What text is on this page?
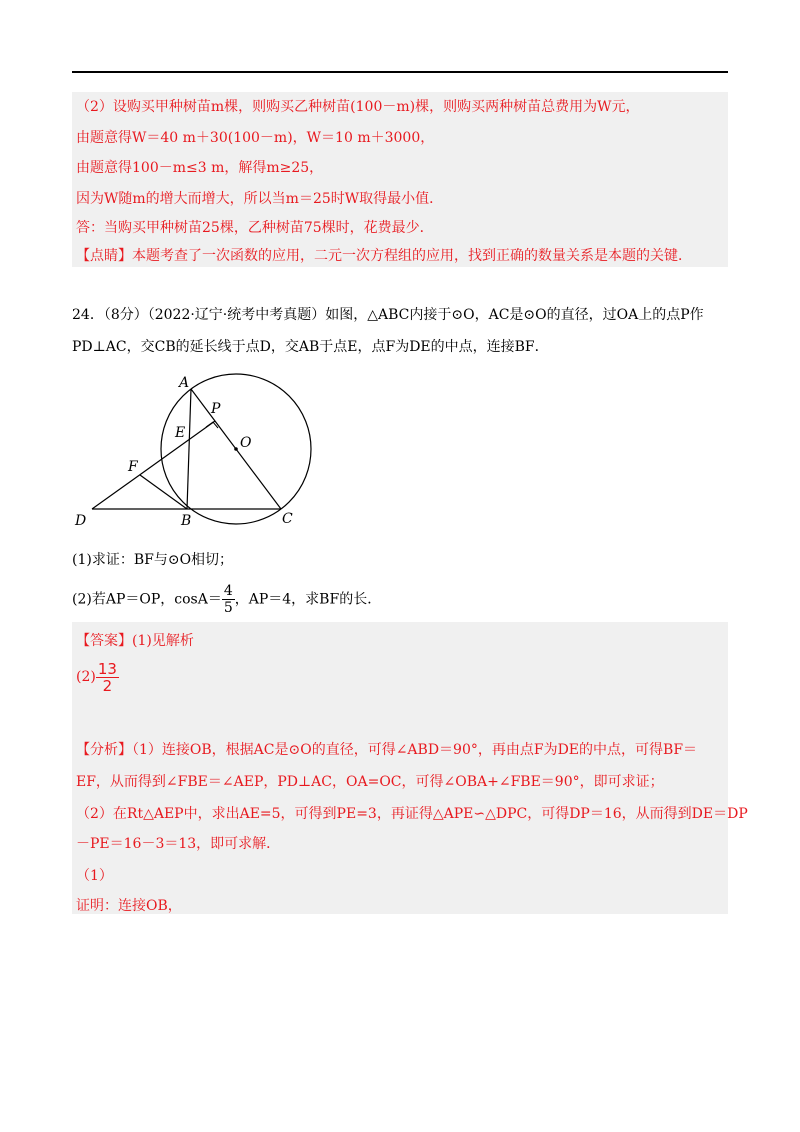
（2）设购买甲种树苗m棵，则购买乙种树苗(100－m)棵，则购买两种树苗总费用为W元，
由题意得W＝40 m＋30(100－m)，W＝10 m＋3000，
由题意得100－m≤3 m，解得m≥25，
因为W随m的增大而增大，所以当m＝25时W取得最小值．
答：当购买甲种树苗25棵，乙种树苗75棵时，花费最少．
【点睛】本题考查了一次函数的应用，二元一次方程组的应用，找到正确的数量关系是本题的关键．
24．（8分）（2022·辽宁·统考中考真题）如图，△ABC内接于⊙O，AC是⊙O的直径，过OA上的点P作
PD⊥AC，交CB的延长线于点D，交AB于点E，点F为DE的中点，连接BF．
A
P
E
O
F
D	B	C
(1)求证：BF与⊙O相切；
(2)若AP＝OP，$\cos A= \frac{4}{5}$ ，AP＝4，求BF的长．
【答案】(1)见解析
$(2) \frac{13}{2}$
【分析】（1）连接OB，根据AC是⊙O的直径，可得∠ABD＝90°，再由点F为DE的中点，可得BF＝
EF，从而得到∠FBE＝∠AEP，PD⊥AC，OA=OC，可得∠OBA+∠FBE＝90°，即可求证；
（2）在Rt△AEP中，求出AE=5，可得到PE=3，再证得△APE∽△DPC，可得DP＝16，从而得到DE＝DP
－PE＝16－3＝13，即可求解．
（1）
证明：连接OB，
